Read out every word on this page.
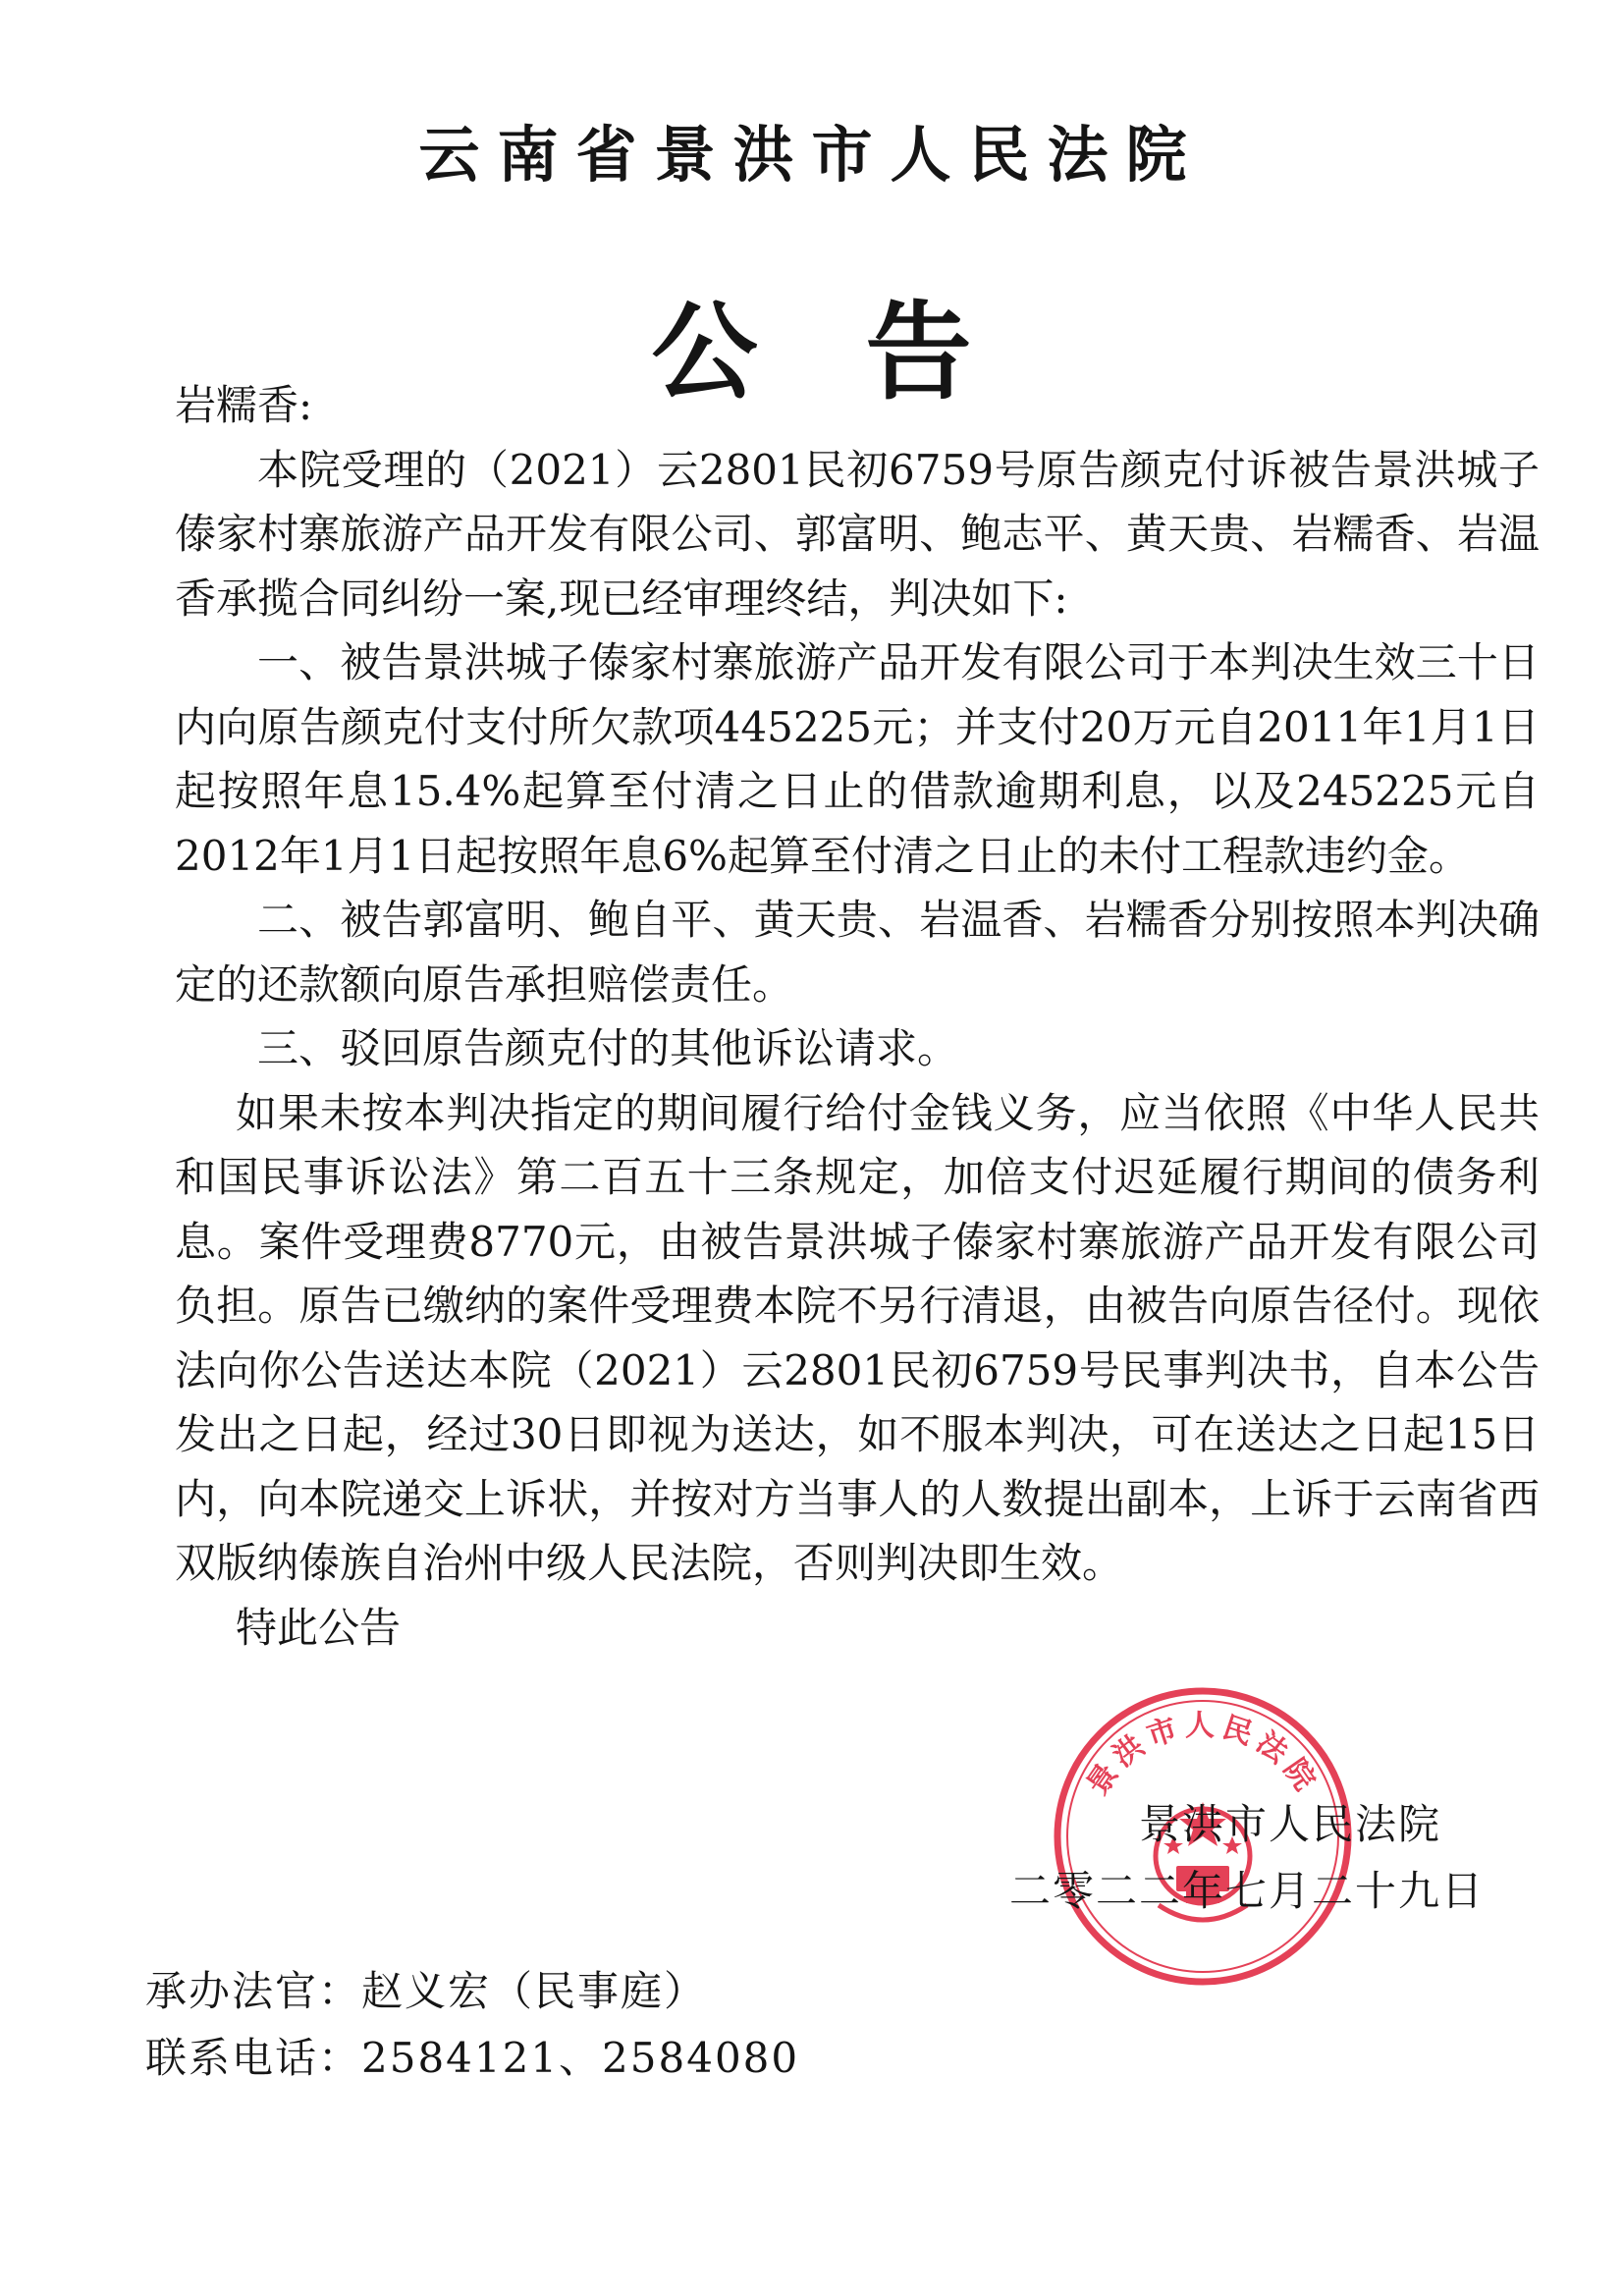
云南省景洪市人民法院
公告

岩糯香:

本院受理的（2021）云2801民初6759号原告颜克付诉被告景洪城子傣家村寨旅游产品开发有限公司、郭富明、鲍志平、黄天贵、岩糯香、岩温香承揽合同纠纷一案,现已经审理终结，判决如下:

一、被告景洪城子傣家村寨旅游产品开发有限公司于本判决生效三十日内向原告颜克付支付所欠款项445225元；并支付20万元自2011年1月1日起按照年息15.4%起算至付清之日止的借款逾期利息，以及245225元自2012年1月1日起按照年息6%起算至付清之日止的未付工程款违约金。

二、被告郭富明、鲍自平、黄天贵、岩温香、岩糯香分别按照本判决确定的还款额向原告承担赔偿责任。

三、驳回原告颜克付的其他诉讼请求。

如果未按本判决指定的期间履行给付金钱义务，应当依照《中华人民共和国民事诉讼法》第二百五十三条规定，加倍支付迟延履行期间的债务利息。案件受理费8770元，由被告景洪城子傣家村寨旅游产品开发有限公司负担。原告已缴纳的案件受理费本院不另行清退，由被告向原告径付。现依法向你公告送达本院（2021）云2801民初6759号民事判决书，自本公告发出之日起，经过30日即视为送达，如不服本判决，可在送达之日起15日内，向本院递交上诉状，并按对方当事人的人数提出副本，上诉于云南省西双版纳傣族自治州中级人民法院，否则判决即生效。

特此公告

景洪市人民法院
景洪市人民法院
二零二二年七月二十九日
承办法官：赵义宏（民事庭）
联系电话：2584121、2584080
